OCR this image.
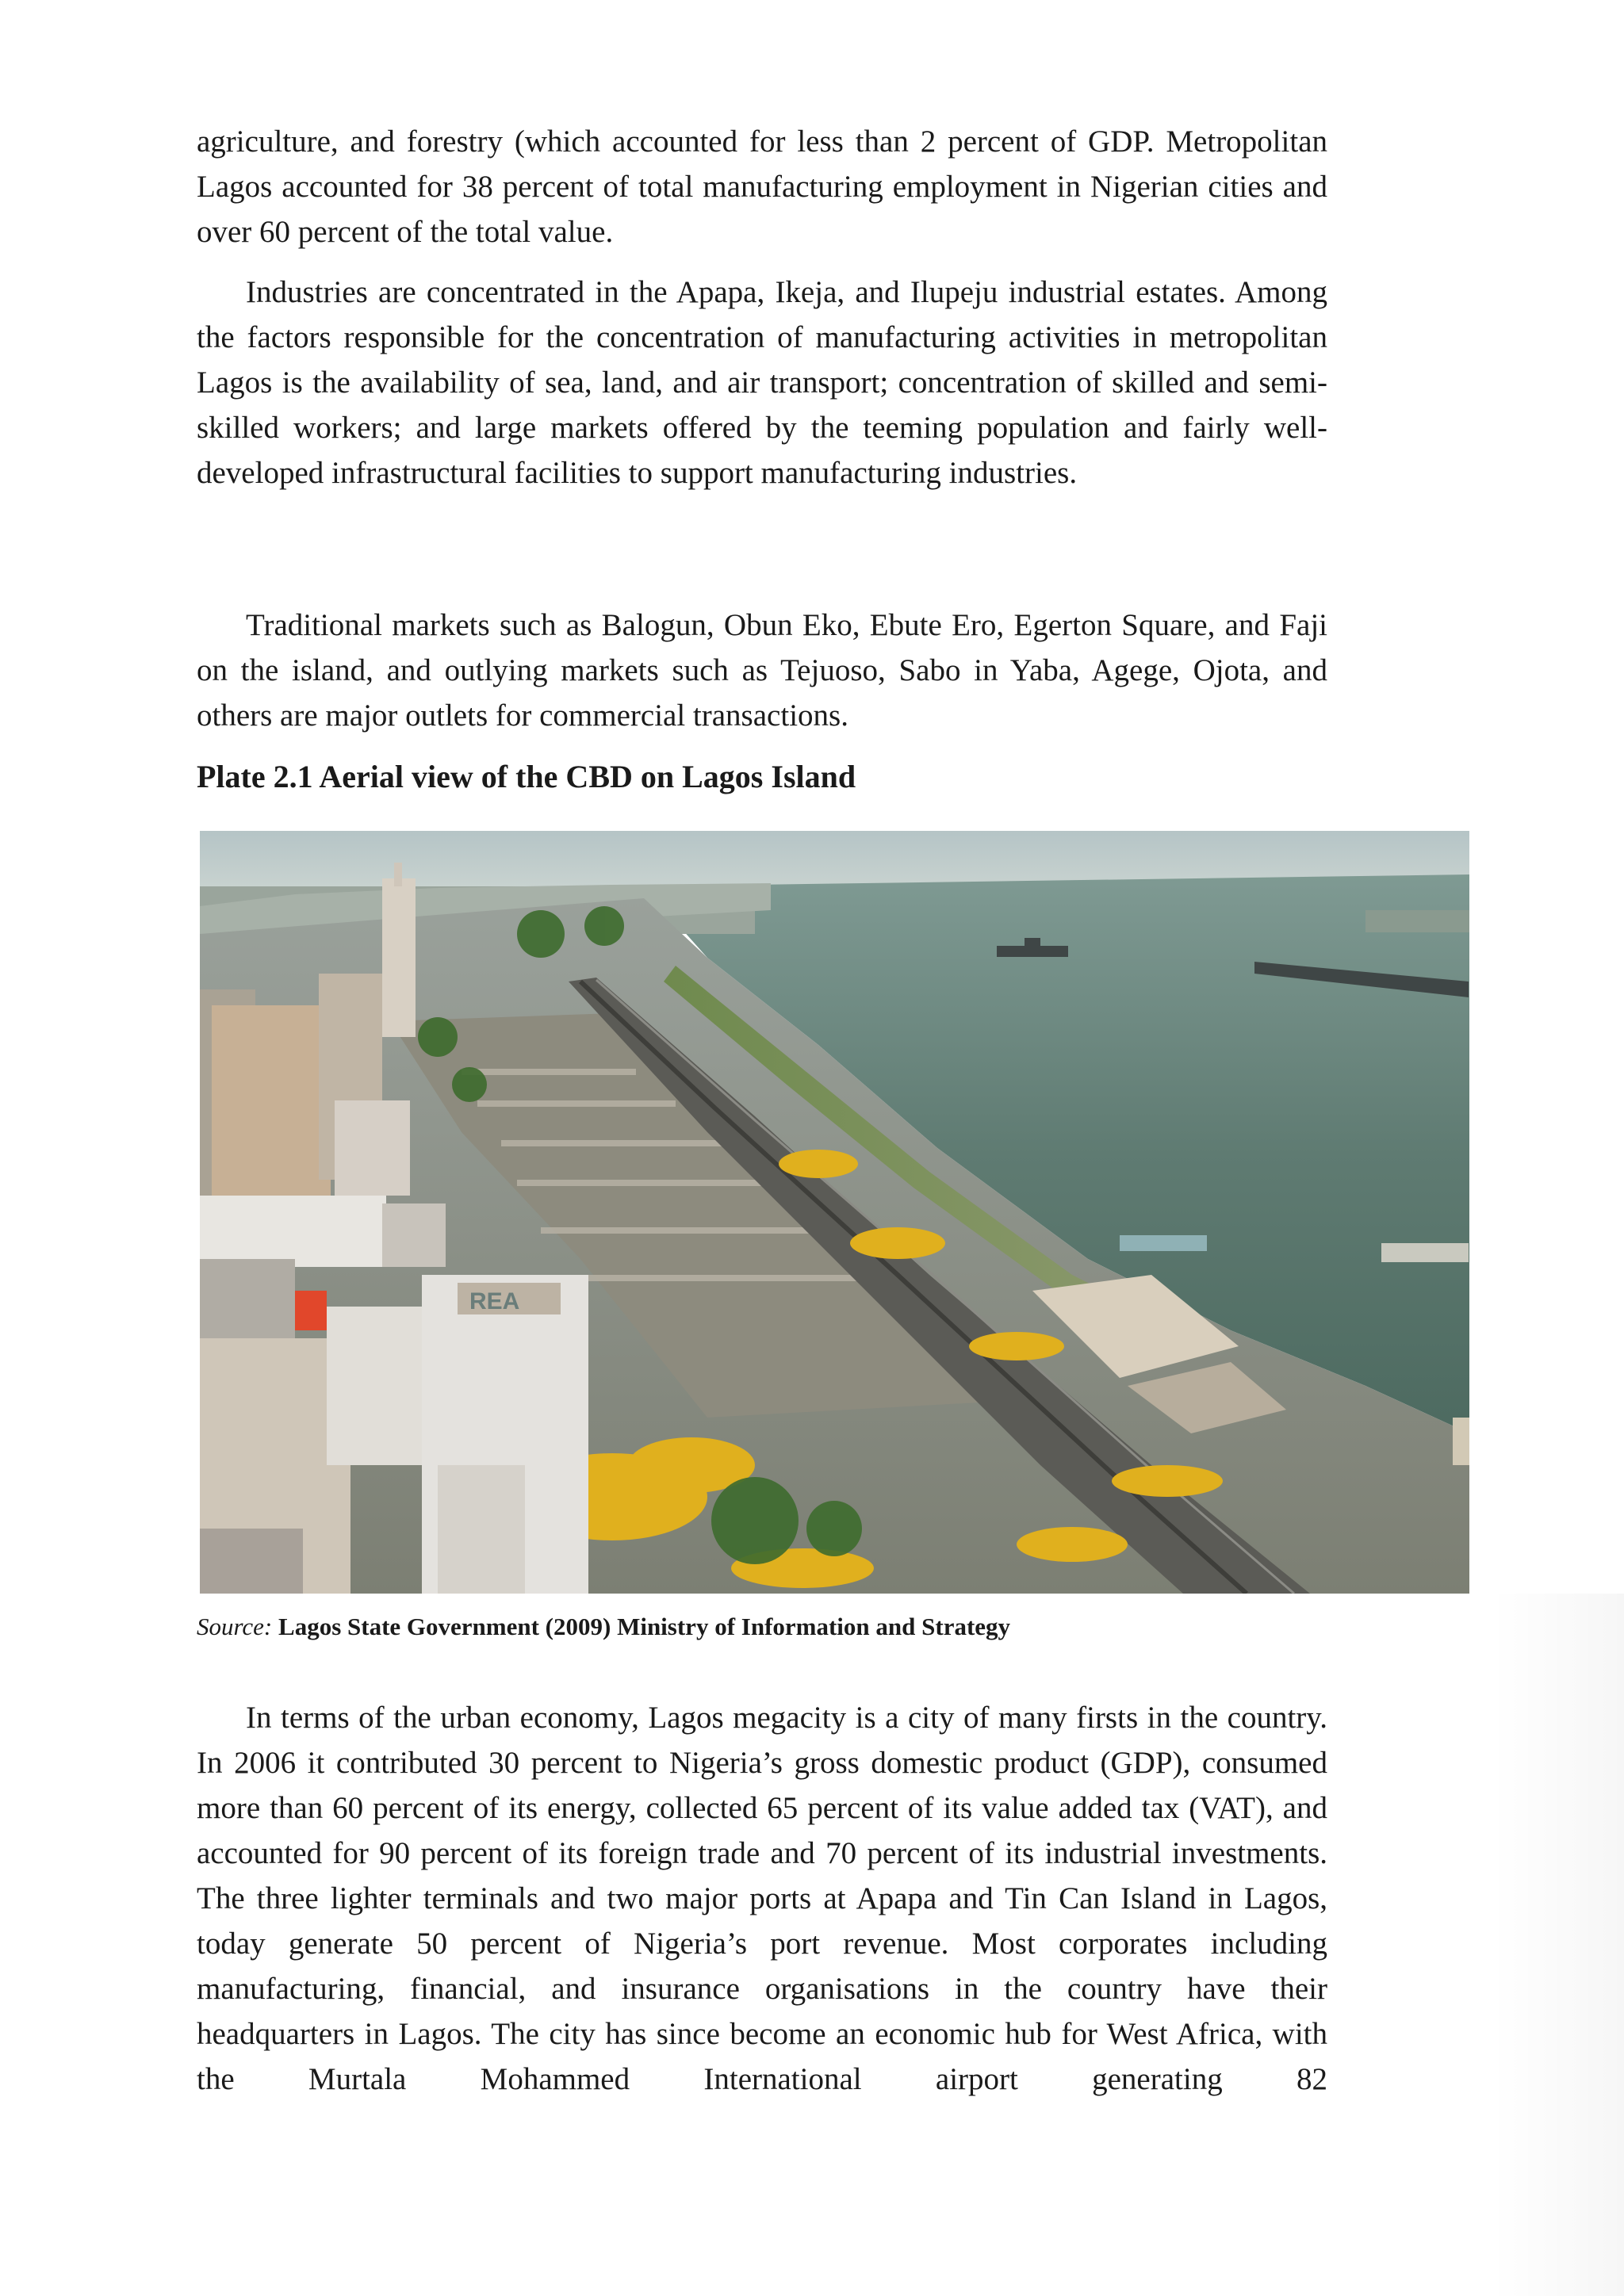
agriculture, and forestry (which accounted for less than 2 percent of GDP. Metropolitan Lagos accounted for 38 percent of total manufacturing employment in Nigerian cities and over 60 percent of the total value.

Industries are concentrated in the Apapa, Ikeja, and Ilupeju industrial estates. Among the factors responsible for the concentration of manufacturing activities in metropolitan Lagos is the availability of sea, land, and air transport; concentration of skilled and semi-skilled workers; and large markets offered by the teeming population and fairly well-developed infrastructural facilities to support manufacturing industries.

Traditional markets such as Balogun, Obun Eko, Ebute Ero, Egerton Square, and Faji on the island, and outlying markets such as Tejuoso, Sabo in Yaba, Agege, Ojota, and others are major outlets for commercial transactions.

Plate 2.1 Aerial view of the CBD on Lagos Island
REA

Source: Lagos State Government (2009) Ministry of Information and Strategy

In terms of the urban economy, Lagos megacity is a city of many firsts in the country. In 2006 it contributed 30 percent to Nigeria’s gross domestic product (GDP), consumed more than 60 percent of its energy, collected 65 percent of its value added tax (VAT), and accounted for 90 percent of its foreign trade and 70 percent of its industrial investments. The three lighter terminals and two major ports at Apapa and Tin Can Island in Lagos, today generate 50 percent of Nigeria’s port revenue. Most corporates including manufacturing, financial, and insurance organisations in the country have their headquarters in Lagos. The city has since become an economic hub for West Africa, with the Murtala Mohammed International airport generating 82
